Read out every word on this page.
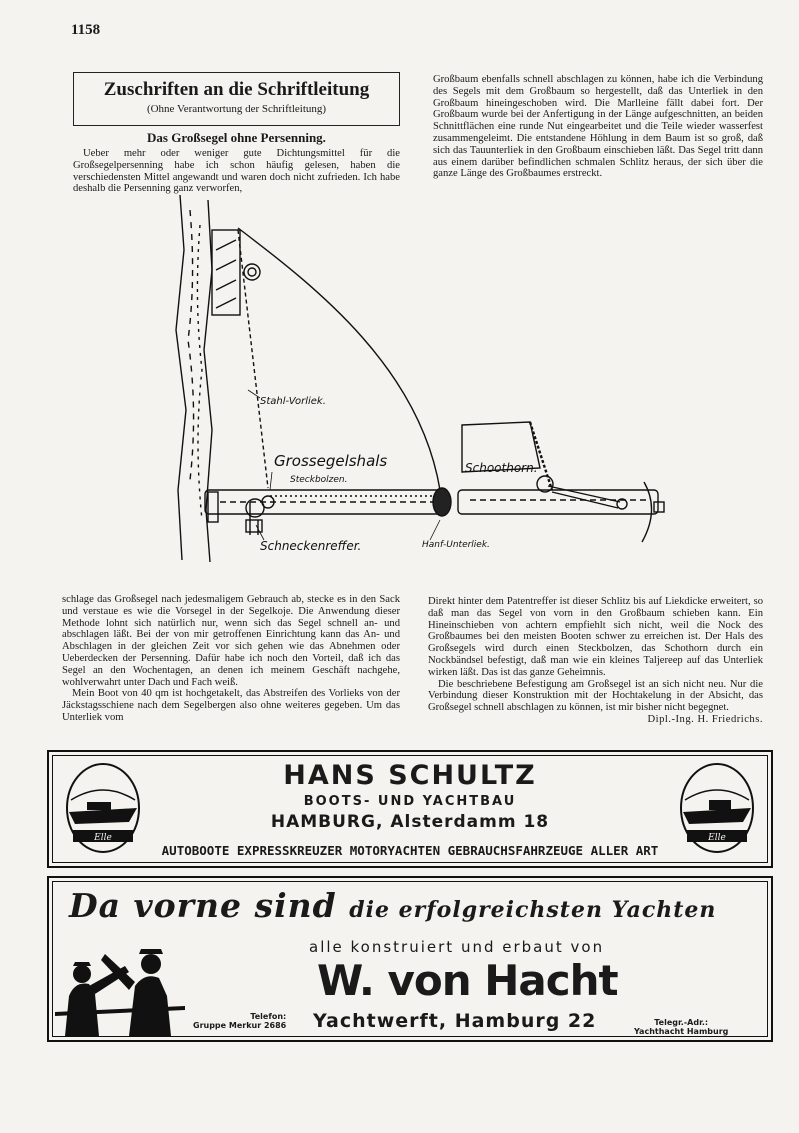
1158
Zuschriften an die Schriftleitung
(Ohne Verantwortung der Schriftleitung)
Das Großsegel ohne Persenning.

Ueber mehr oder weniger gute Dichtungsmittel für die Großsegelpersenning habe ich schon häufig gelesen, haben die verschiedensten Mittel angewandt und waren doch nicht zufrieden. Ich habe deshalb die Persenning ganz verworfen,

Großbaum ebenfalls schnell abschlagen zu können, habe ich die Verbindung des Segels mit dem Großbaum so hergestellt, daß das Unterliek in den Großbaum hineingeschoben wird. Die Marlleine fällt dabei fort. Der Großbaum wurde bei der Anfertigung in der Länge aufgeschnitten, an beiden Schnittflächen eine runde Nut eingearbeitet und die Teile wieder wasserfest zusammengeleimt. Die entstandene Höhlung in dem Baum ist so groß, daß sich das Tauunterliek in den Großbaum einschieben läßt. Das Segel tritt dann aus einem darüber befindlichen schmalen Schlitz heraus, der sich über die ganze Länge des Großbaumes erstreckt.

Stahl-Vorliek.
Grossegelshals
Steckbolzen.
Schoothorn.
Schneckenreffer.	Hanf-Unterliek.

schlage das Großsegel nach jedesmaligem Gebrauch ab, stecke es in den Sack und verstaue es wie die Vorsegel in der Segelkoje. Die Anwendung dieser Methode lohnt sich natürlich nur, wenn sich das Segel schnell an- und abschlagen läßt. Bei der von mir getroffenen Einrichtung kann das An- und Abschlagen in der gleichen Zeit vor sich gehen wie das Abnehmen oder Ueberdecken der Persenning. Dafür habe ich noch den Vorteil, daß ich das Segel an den Wochentagen, an denen ich meinem Geschäft nachgehe, wohlverwahrt unter Dach und Fach weiß.

Mein Boot von 40 qm ist hochgetakelt, das Abstreifen des Vorlieks von der Jäckstagsschiene nach dem Segelbergen also ohne weiteres gegeben. Um das Unterliek vom

Direkt hinter dem Patentreffer ist dieser Schlitz bis auf Liekdicke erweitert, so daß man das Segel von vorn in den Großbaum schieben kann. Ein Hineinschieben von achtern empfiehlt sich nicht, weil die Nock des Großbaumes bei den meisten Booten schwer zu erreichen ist. Der Hals des Großsegels wird durch einen Steckbolzen, das Schothorn durch ein Nockbändsel befestigt, daß man wie ein kleines Taljereep auf das Unterliek wirken läßt. Das ist das ganze Geheimnis.

Die beschriebene Befestigung am Großsegel ist an sich nicht neu. Nur die Verbindung dieser Konstruktion mit der Hochtakelung in der Absicht, das Großsegel schnell abschlagen zu können, ist mir bisher nicht begegnet.

Dipl.-Ing. H. Friedrichs.
Elle	Elle
HANS SCHULTZ
BOOTS- UND YACHTBAU
HAMBURG, Alsterdamm 18
AUTOBOOTE EXPRESSKREUZER MOTORYACHTEN GEBRAUCHSFAHRZEUGE ALLER ART
Da vorne sind die erfolgreichsten Yachten
alle konstruiert und erbaut von
W. von Hacht
Telefon:
Gruppe Merkur 2686 Yachtwerft, Hamburg 22	Telegr.-Adr.:
Yachthacht Hamburg
